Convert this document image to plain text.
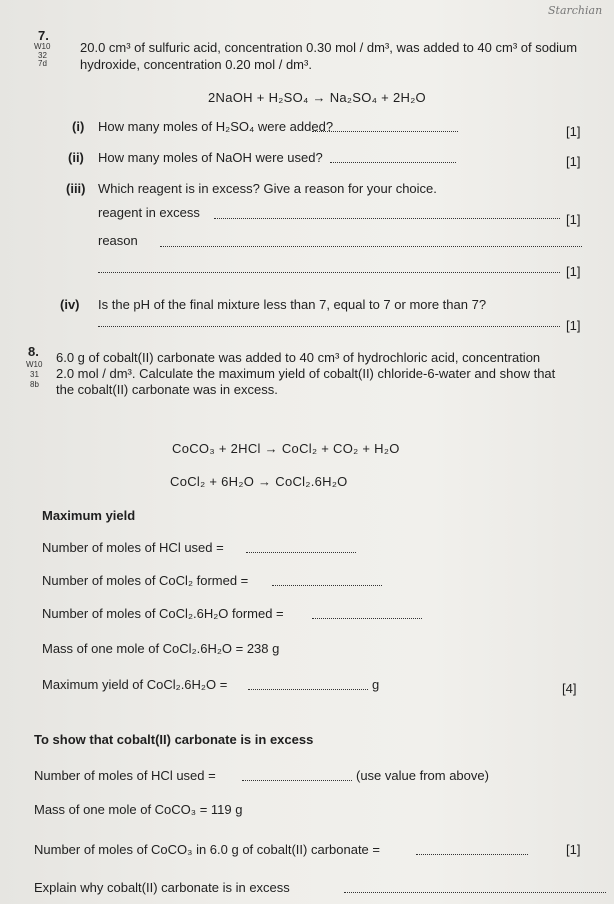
Starchian
7.
W10
32
7d
20.0 cm³ of sulfuric acid, concentration 0.30 mol / dm³, was added to 40 cm³ of sodium
hydroxide, concentration 0.20 mol / dm³.
2NaOH + H₂SO₄ → Na₂SO₄ + 2H₂O
(i) How many moles of H₂SO₄ were added?	[1]
(ii) How many moles of NaOH were used?	[1]
(iii) Which reagent is in excess? Give a reason for your choice.
reagent in excess	[1]
reason
[1]
(iv) Is the pH of the final mixture less than 7, equal to 7 or more than 7?
[1]
8.
W10
31
8b
6.0 g of cobalt(II) carbonate was added to 40 cm³ of hydrochloric acid, concentration
2.0 mol / dm³. Calculate the maximum yield of cobalt(II) chloride-6-water and show that
the cobalt(II) carbonate was in excess.
CoCO₃ + 2HCl → CoCl₂ + CO₂ + H₂O
CoCl₂ + 6H₂O → CoCl₂.6H₂O
Maximum yield
Number of moles of HCl used =
Number of moles of CoCl₂ formed =
Number of moles of CoCl₂.6H₂O formed =
Mass of one mole of CoCl₂.6H₂O = 238 g
Maximum yield of CoCl₂.6H₂O =	g	[4]
To show that cobalt(II) carbonate is in excess
Number of moles of HCl used =	(use value from above)
Mass of one mole of CoCO₃ = 119 g
Number of moles of CoCO₃ in 6.0 g of cobalt(II) carbonate =	[1]
Explain why cobalt(II) carbonate is in excess
